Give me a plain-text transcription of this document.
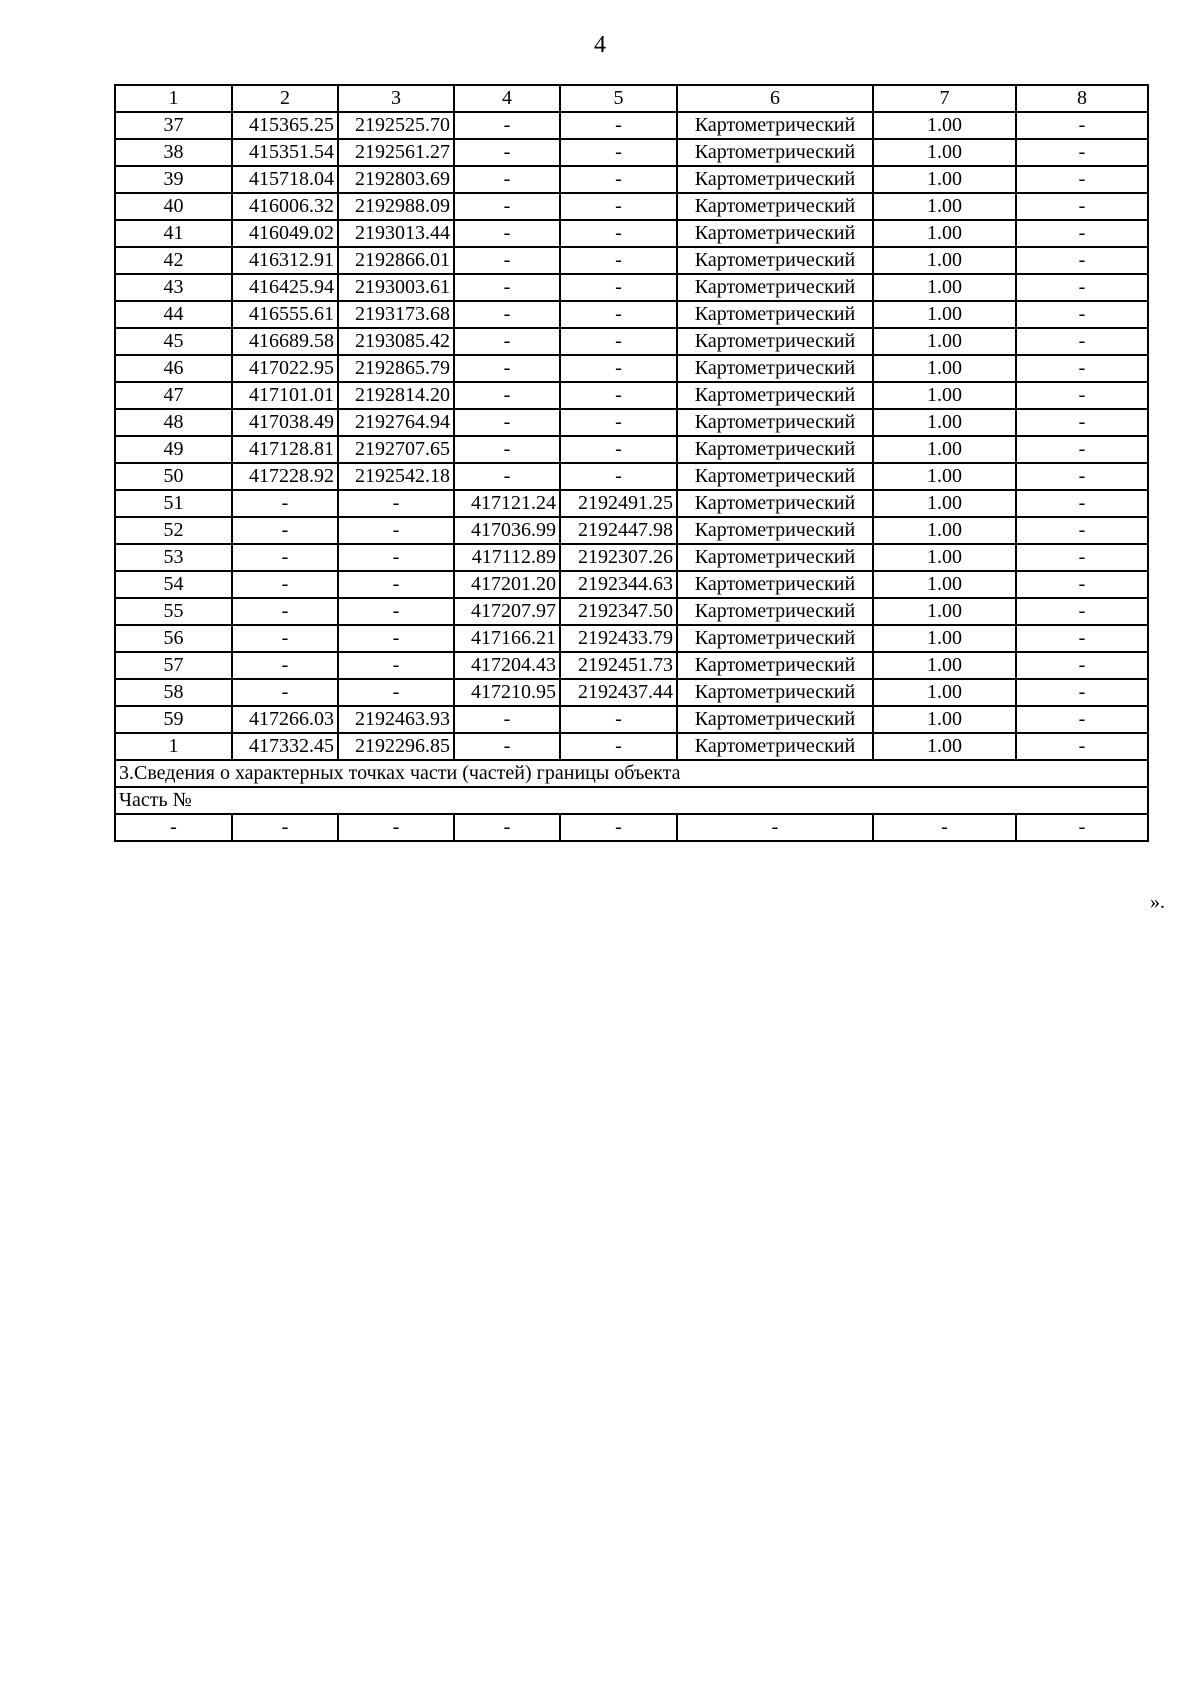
4
1	2	3	4	5	6	7	8
37	415365.25	2192525.70	-	-	Картометрический	1.00	-
38	415351.54	2192561.27	-	-	Картометрический	1.00	-
39	415718.04	2192803.69	-	-	Картометрический	1.00	-
40	416006.32	2192988.09	-	-	Картометрический	1.00	-
41	416049.02	2193013.44	-	-	Картометрический	1.00	-
42	416312.91	2192866.01	-	-	Картометрический	1.00	-
43	416425.94	2193003.61	-	-	Картометрический	1.00	-
44	416555.61	2193173.68	-	-	Картометрический	1.00	-
45	416689.58	2193085.42	-	-	Картометрический	1.00	-
46	417022.95	2192865.79	-	-	Картометрический	1.00	-
47	417101.01	2192814.20	-	-	Картометрический	1.00	-
48	417038.49	2192764.94	-	-	Картометрический	1.00	-
49	417128.81	2192707.65	-	-	Картометрический	1.00	-
50	417228.92	2192542.18	-	-	Картометрический	1.00	-
51	-	-	417121.24	2192491.25	Картометрический	1.00	-
52	-	-	417036.99	2192447.98	Картометрический	1.00	-
53	-	-	417112.89	2192307.26	Картометрический	1.00	-
54	-	-	417201.20	2192344.63	Картометрический	1.00	-
55	-	-	417207.97	2192347.50	Картометрический	1.00	-
56	-	-	417166.21	2192433.79	Картометрический	1.00	-
57	-	-	417204.43	2192451.73	Картометрический	1.00	-
58	-	-	417210.95	2192437.44	Картометрический	1.00	-
59	417266.03	2192463.93	-	-	Картометрический	1.00	-
1	417332.45	2192296.85	-	-	Картометрический	1.00	-
3.Сведения о характерных точках части (частей) границы объекта							
Часть №							
-	-	-	-	-	-	-	-
».
